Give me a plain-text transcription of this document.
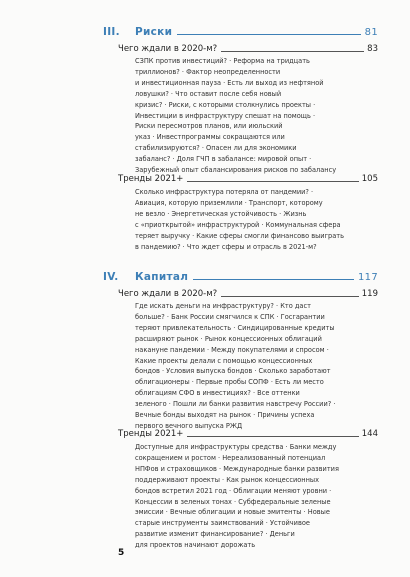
III.	Риски	81
Чего ждали в 2020-м?	83
СЗПК против инвестиций? · Реформа на тридцать
триллионов? · Фактор неопределенности
и инвестиционная пауза · Есть ли выход из нефтяной
ловушки? · Что оставит после себя новый
кризис? · Риски, с которыми столкнулись проекты ·
Инвестиции в инфраструктуру спешат на помощь ·
Риски пересмотров планов, или июльский
указ · Инвестпрограммы сокращаются или
стабилизируются? · Опасен ли для экономики
забаланс? · Доля ГЧП в забалансе: мировой опыт ·
Зарубежный опыт сбалансирования рисков по забалансу
Тренды 2021+	105
Сколько инфраструктура потеряла от пандемии? ·
Авиация, которую приземлили · Транспорт, которому
не везло · Энергетическая устойчивость · Жизнь
с «приоткрытой» инфраструктурой · Коммунальная сфера
теряет выручку · Какие сферы смогли финансово выиграть
в пандемию? · Что ждет сферы и отрасль в 2021-м?
IV.	Капитал	117
Чего ждали в 2020-м?	119
Где искать деньги на инфраструктуру? · Кто даст
больше? · Банк России смягчился к СПК · Госгарантии
теряют привлекательность · Синдицированные кредиты
расширяют рынок · Рынок концессионных облигаций
накануне пандемии · Между покупателями и спросом ·
Какие проекты делали с помощью концессионных
бондов · Условия выпуска бондов · Сколько заработают
облигационеры · Первые пробы СОПФ · Есть ли место
облигациям СФО в инвестициях? · Все оттенки
зеленого · Пошли ли банки развития навстречу России? ·
Вечные бонды выходят на рынок · Причины успеха
первого вечного выпуска РЖД
Тренды 2021+	144
Доступные для инфраструктуры средства · Банки между
сокращением и ростом · Нереализованный потенциал
НПФов и страховщиков · Международные банки развития
поддерживают проекты · Как рынок концессионных
бондов встретил 2021 год · Облигации меняют уровни ·
Концессии в зеленых тонах · Субфедеральные зеленые
эмиссии · Вечные облигации и новые эмитенты · Новые
старые инструменты заимствований · Устойчивое
развитие изменит финансирование? · Деньги
для проектов начинают дорожать
5
